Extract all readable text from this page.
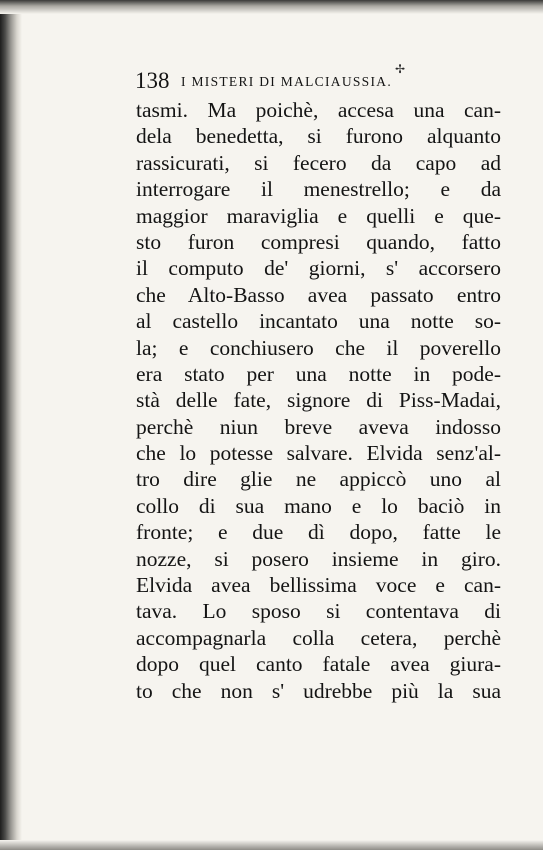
✢
138 I MISTERI DI MALCIAUSSIA.
tasmi. Ma poichè, accesa una can-
dela benedetta, si furono alquanto
rassicurati, si fecero da capo ad
interrogare il menestrello; e da
maggior maraviglia e quelli e que-
sto furon compresi quando, fatto
il computo de' giorni, s' accorsero
che Alto-Basso avea passato entro
al castello incantato una notte so-
la; e conchiusero che il poverello
era stato per una notte in pode-
stà delle fate, signore di Piss-Madai,
perchè niun breve aveva indosso
che lo potesse salvare. Elvida senz'al-
tro dire glie ne appiccò uno al
collo di sua mano e lo baciò in
fronte; e due dì dopo, fatte le
nozze, si posero insieme in giro.
Elvida avea bellissima voce e can-
tava. Lo sposo si contentava di
accompagnarla colla cetera, perchè
dopo quel canto fatale avea giura-
to che non s' udrebbe più la sua
